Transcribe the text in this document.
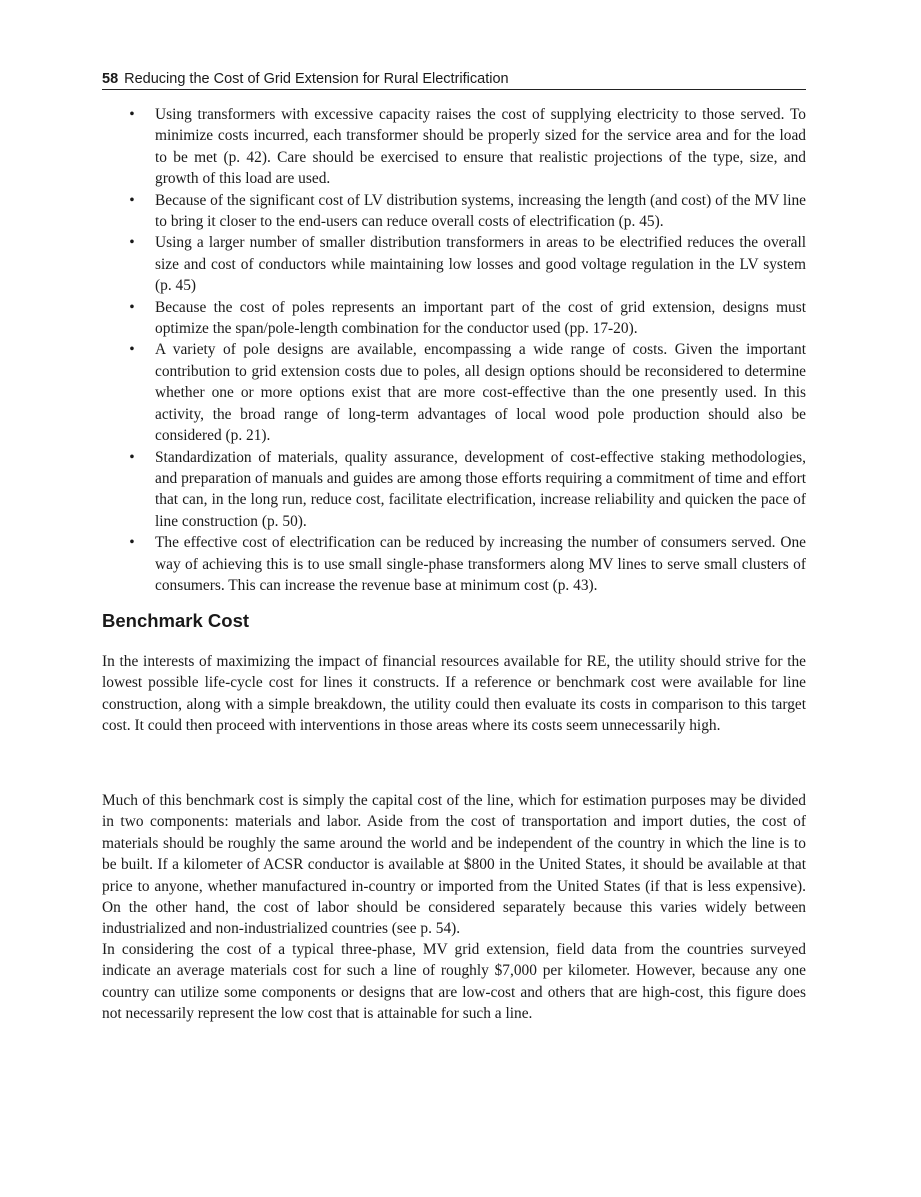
58 Reducing the Cost of Grid Extension for Rural Electrification
• Using transformers with excessive capacity raises the cost of supplying electricity to those served. To minimize costs incurred, each transformer should be properly sized for the service area and for the load to be met (p. 42). Care should be exercised to ensure that realistic projections of the type, size, and growth of this load are used.
• Because of the significant cost of LV distribution systems, increasing the length (and cost) of the MV line to bring it closer to the end-users can reduce overall costs of electrification (p. 45).
• Using a larger number of smaller distribution transformers in areas to be electrified reduces the overall size and cost of conductors while maintaining low losses and good voltage regulation in the LV system (p. 45)
• Because the cost of poles represents an important part of the cost of grid extension, designs must optimize the span/pole-length combination for the conductor used (pp. 17-20).
• A variety of pole designs are available, encompassing a wide range of costs. Given the important contribution to grid extension costs due to poles, all design options should be reconsidered to determine whether one or more options exist that are more cost-effective than the one presently used. In this activity, the broad range of long-term advantages of local wood pole production should also be considered (p. 21).
• Standardization of materials, quality assurance, development of cost-effective staking methodologies, and preparation of manuals and guides are among those efforts requiring a commitment of time and effort that can, in the long run, reduce cost, facilitate electrification, increase reliability and quicken the pace of line construction (p. 50).
• The effective cost of electrification can be reduced by increasing the number of consumers served. One way of achieving this is to use small single-phase transformers along MV lines to serve small clusters of consumers. This can increase the revenue base at minimum cost (p. 43).
Benchmark Cost

In the interests of maximizing the impact of financial resources available for RE, the utility should strive for the lowest possible life-cycle cost for lines it constructs. If a reference or benchmark cost were available for line construction, along with a simple breakdown, the utility could then evaluate its costs in comparison to this target cost. It could then proceed with interventions in those areas where its costs seem unnecessarily high.

Much of this benchmark cost is simply the capital cost of the line, which for estimation purposes may be divided in two components: materials and labor. Aside from the cost of transportation and import duties, the cost of materials should be roughly the same around the world and be independent of the country in which the line is to be built. If a kilometer of ACSR conductor is available at $800 in the United States, it should be available at that price to anyone, whether manufactured in-country or imported from the United States (if that is less expensive). On the other hand, the cost of labor should be considered separately because this varies widely between industrialized and non-industrialized countries (see p. 54).

In considering the cost of a typical three-phase, MV grid extension, field data from the countries surveyed indicate an average materials cost for such a line of roughly $7,000 per kilometer. However, because any one country can utilize some components or designs that are low-cost and others that are high-cost, this figure does not necessarily represent the low cost that is attainable for such a line.
